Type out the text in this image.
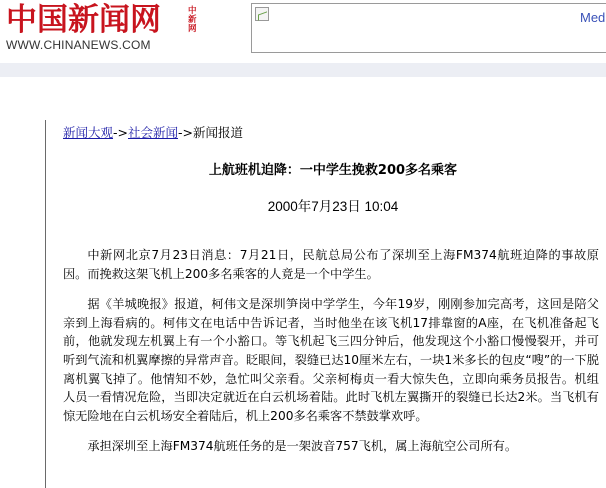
中国新闻网	中新网
WWW.CHINANEWS.COM
Med
新闻大观->社会新闻->新闻报道
上航班机迫降：一中学生挽救200多名乘客
2000年7月23日 10:04

中新网北京7月23日消息：7月21日，民航总局公布了深圳至上海FM374航班迫降的事故原因。而挽救这架飞机上200多名乘客的人竟是一个中学生。

据《羊城晚报》报道，柯伟文是深圳笋岗中学学生，今年19岁，刚刚参加完高考，这回是陪父亲到上海看病的。柯伟文在电话中告诉记者，当时他坐在该飞机17排靠窗的A座，在飞机准备起飞前，他就发现左机翼上有一个小豁口。等飞机起飞三四分钟后，他发现这个小豁口慢慢裂开，并可听到气流和机翼摩擦的异常声音。眨眼间，裂缝已达10厘米左右，一块1米多长的包皮“嗖”的一下脱离机翼飞掉了。他情知不妙，急忙叫父亲看。父亲柯梅贞一看大惊失色，立即向乘务员报告。机组人员一看情况危险，当即决定就近在白云机场着陆。此时飞机左翼撕开的裂缝已长达2米。当飞机有惊无险地在白云机场安全着陆后，机上200多名乘客不禁鼓掌欢呼。

承担深圳至上海FM374航班任务的是一架波音757飞机，属上海航空公司所有。
